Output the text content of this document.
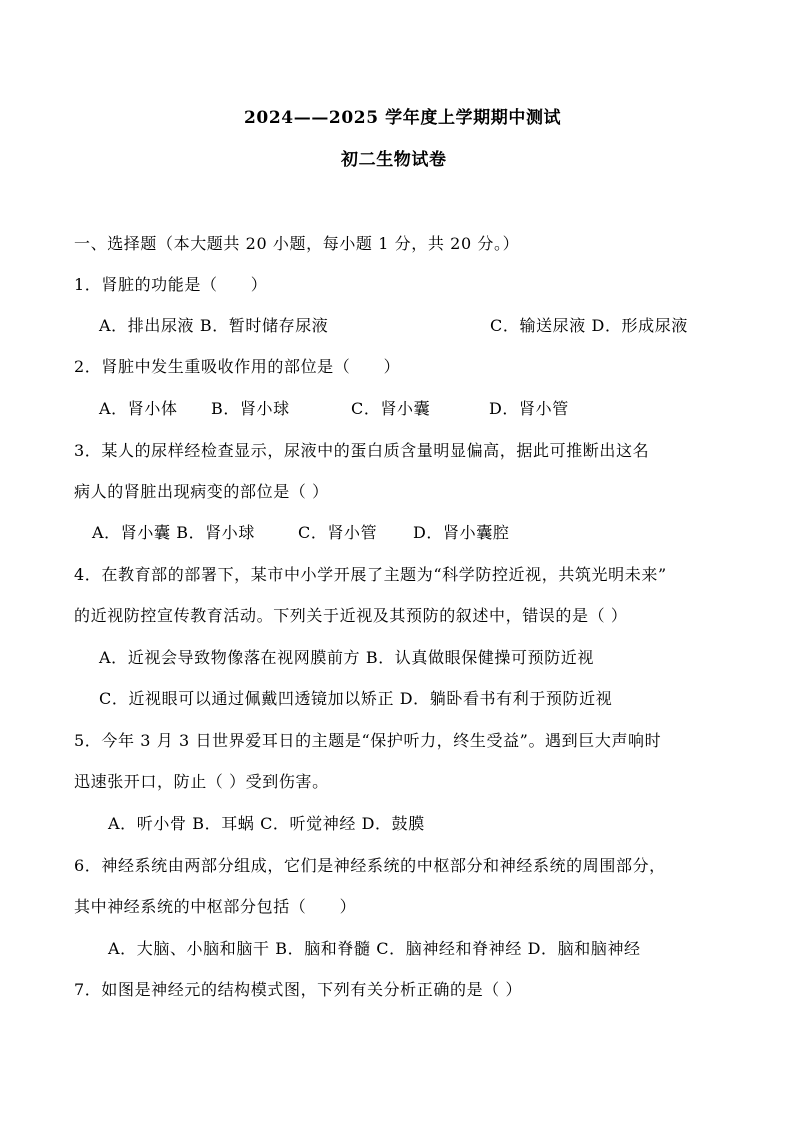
2024——2025 学年度上学期期中测试
初二生物试卷
一、选择题（本大题共 20 小题，每小题 1 分，共 20 分。）
1．肾脏的功能是（　　）
A．排出尿液 B．暂时储存尿液	C．输送尿液 D．形成尿液
2．肾脏中发生重吸收作用的部位是（　　）
A．肾小体 B．肾小球	C．肾小囊	D．肾小管
3．某人的尿样经检查显示，尿液中的蛋白质含量明显偏高，据此可推断出这名
病人的肾脏出现病变的部位是（ ）
A．肾小囊 B．肾小球	C．肾小管 D．肾小囊腔
4．在教育部的部署下，某市中小学开展了主题为“科学防控近视，共筑光明未来”
的近视防控宣传教育活动。下列关于近视及其预防的叙述中，错误的是（ ）
A．近视会导致物像落在视网膜前方 B．认真做眼保健操可预防近视
C．近视眼可以通过佩戴凹透镜加以矫正 D．躺卧看书有利于预防近视
5．今年 3 月 3 日世界爱耳日的主题是“保护听力，终生受益”。遇到巨大声响时
迅速张开口，防止（ ）受到伤害。
A．听小骨 B．耳蜗 C．听觉神经 D．鼓膜
6．神经系统由两部分组成，它们是神经系统的中枢部分和神经系统的周围部分，
其中神经系统的中枢部分包括（　　）
A．大脑、小脑和脑干 B．脑和脊髓 C．脑神经和脊神经 D．脑和脑神经
7．如图是神经元的结构模式图，下列有关分析正确的是（ ）
